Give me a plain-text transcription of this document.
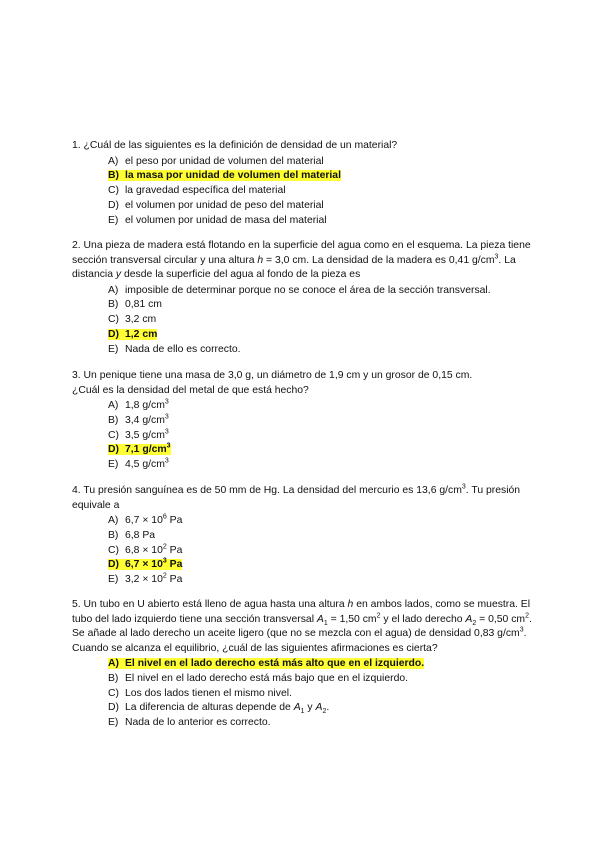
1. ¿Cuál de las siguientes es la definición de densidad de un material?

A) el peso por unidad de volumen del material
B) la masa por unidad de volumen del material
C) la gravedad específica del material
D) el volumen por unidad de peso del material
E) el volumen por unidad de masa del material

2. Una pieza de madera está flotando en la superficie del agua como en el esquema. La pieza tiene sección transversal circular y una altura h = 3,0 cm. La densidad de la madera es 0,41 $g/cm^3$. La distancia y desde la superficie del agua al fondo de la pieza es

A) imposible de determinar porque no se conoce el área de la sección transversal.
B) 0,81 cm
C) 3,2 cm
D) 1,2 cm
E) Nada de ello es correcto.

3. Un penique tiene una masa de 3,0 g, un diámetro de 1,9 cm y un grosor de 0,15 cm.
¿Cuál es la densidad del metal de que está hecho?

A) 1,8 $g/cm^3$
B) 3,4 $g/cm^3$
C) 3,5 $g/cm^3$
D) 7,1 $g/cm^3$
E) 4,5 $g/cm^3$

4. Tu presión sanguínea es de 50 mm de Hg. La densidad del mercurio es 13,6 $g/cm^3$. Tu presión equivale a

A) $6,7 \times 10^6$ Pa
B) 6,8 Pa
C) $6,8 \times 10^2$ Pa
D) $6,7 \times 10^3$ Pa
E) $3,2 \times 10^2$ Pa

5. Un tubo en U abierto está lleno de agua hasta una altura h en ambos lados, como se muestra. El tubo del lado izquierdo tiene una sección transversal $A_1 = 1,50$ $cm^2$ y el lado derecho $A_2 = 0,50$ $cm^2$. Se añade al lado derecho un aceite ligero (que no se mezcla con el agua) de densidad 0,83 $g/cm^3$. Cuando se alcanza el equilibrio, ¿cuál de las siguientes afirmaciones es cierta?

A) El nivel en el lado derecho está más alto que en el izquierdo.
B) El nivel en el lado derecho está más bajo que en el izquierdo.
C) Los dos lados tienen el mismo nivel.
D) La diferencia de alturas depende de $A_1$ y $A_2$.
E) Nada de lo anterior es correcto.
